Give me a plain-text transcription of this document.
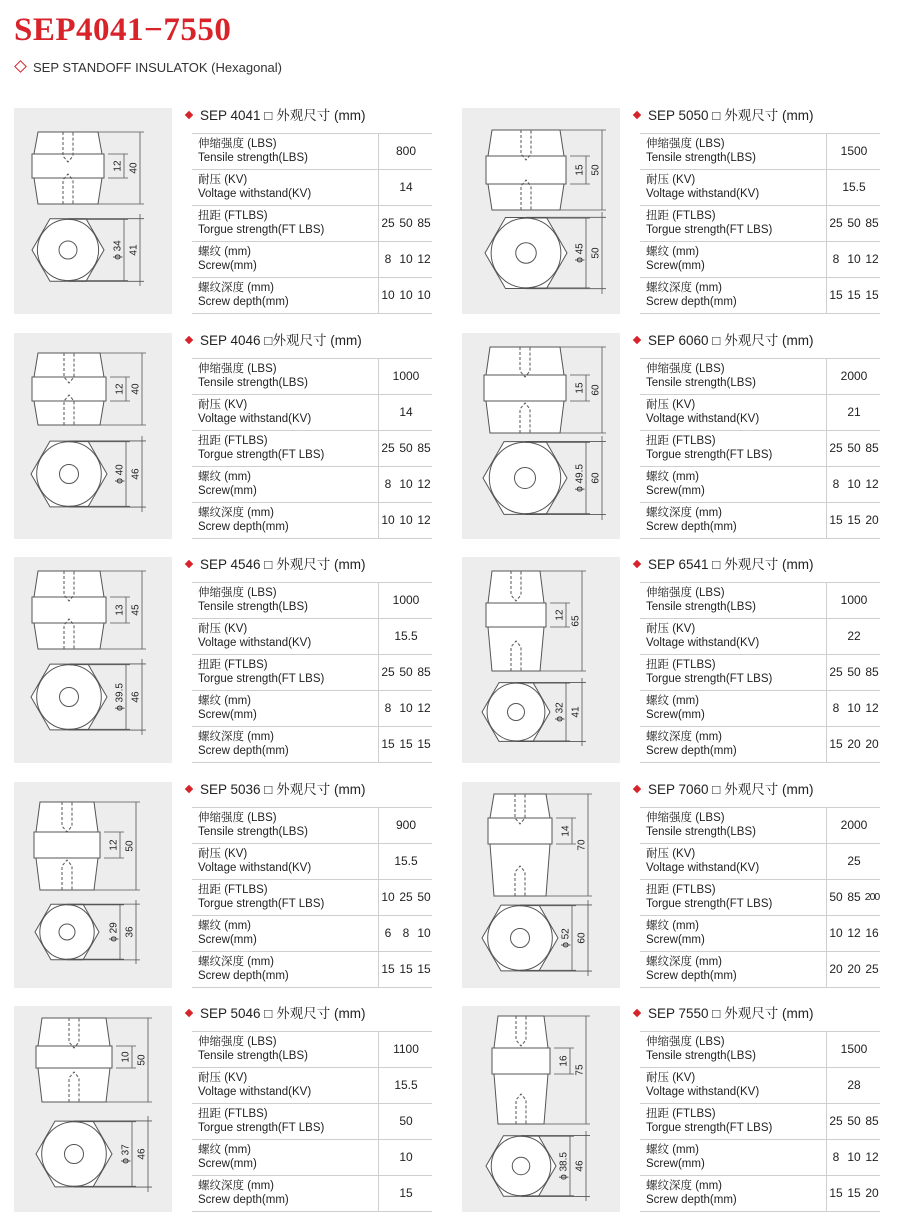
SEP4041−7550
SEP STANDOFF INSULATOK (Hexagonal)
12 40
ϕ 34 41
SEP 4041 □ 外观尺寸 (mm)
伸缩强度 (LBS)
Tensile strength(LBS)	800
耐压 (KV)
Voltage withstand(KV)	14
扭距 (FTLBS)
Torgue strength(FT LBS)	25 50 85
螺纹 (mm)
Screw(mm)	8 10 12
螺纹深度 (mm)
Screw depth(mm)	10 10 10
15 50
ϕ 45 50
SEP 5050 □ 外观尺寸 (mm)
伸缩强度 (LBS)
Tensile strength(LBS)	1500
耐压 (KV)
Voltage withstand(KV)	15.5
扭距 (FTLBS)
Torgue strength(FT LBS)	25 50 85
螺纹 (mm)
Screw(mm)	8 10 12
螺纹深度 (mm)
Screw depth(mm)	15 15 15
12 40
ϕ 40 46
SEP 4046 □外观尺寸 (mm)
伸缩强度 (LBS)
Tensile strength(LBS)	1000
耐压 (KV)
Voltage withstand(KV)	14
扭距 (FTLBS)
Torgue strength(FT LBS)	25 50 85
螺纹 (mm)
Screw(mm)	8 10 12
螺纹深度 (mm)
Screw depth(mm)	10 10 12
15 60
ϕ 49.5 60
SEP 6060 □ 外观尺寸 (mm)
伸缩强度 (LBS)
Tensile strength(LBS)	2000
耐压 (KV)
Voltage withstand(KV)	21
扭距 (FTLBS)
Torgue strength(FT LBS)	25 50 85
螺纹 (mm)
Screw(mm)	8 10 12
螺纹深度 (mm)
Screw depth(mm)	15 15 20
13 45
ϕ 39.5 46
SEP 4546 □ 外观尺寸 (mm)
伸缩强度 (LBS)
Tensile strength(LBS)	1000
耐压 (KV)
Voltage withstand(KV)	15.5
扭距 (FTLBS)
Torgue strength(FT LBS)	25 50 85
螺纹 (mm)
Screw(mm)	8 10 12
螺纹深度 (mm)
Screw depth(mm)	15 15 15
12
65
ϕ 32 41
SEP 6541 □ 外观尺寸 (mm)
伸缩强度 (LBS)
Tensile strength(LBS)	1000
耐压 (KV)
Voltage withstand(KV)	22
扭距 (FTLBS)
Torgue strength(FT LBS)	25 50 85
螺纹 (mm)
Screw(mm)	8 10 12
螺纹深度 (mm)
Screw depth(mm)	15 20 20
12 50
ϕ 29 36
SEP 5036 □ 外观尺寸 (mm)
伸缩强度 (LBS)
Tensile strength(LBS)	900
耐压 (KV)
Voltage withstand(KV)	15.5
扭距 (FTLBS)
Torgue strength(FT LBS)	10 25 50
螺纹 (mm)
Screw(mm)	6 8 10
螺纹深度 (mm)
Screw depth(mm)	15 15 15
14
70
ϕ 52 60
SEP 7060 □ 外观尺寸 (mm)
伸缩强度 (LBS)
Tensile strength(LBS)	2000
耐压 (KV)
Voltage withstand(KV)	25
扭距 (FTLBS)
Torgue strength(FT LBS)	50 85 200
螺纹 (mm)
Screw(mm)	10 12 16
螺纹深度 (mm)
Screw depth(mm)	20 20 25
10 50
ϕ 37 46
SEP 5046 □ 外观尺寸 (mm)
伸缩强度 (LBS)
Tensile strength(LBS)	1100
耐压 (KV)
Voltage withstand(KV)	15.5
扭距 (FTLBS)
Torgue strength(FT LBS)	50
螺纹 (mm)
Screw(mm)	10
螺纹深度 (mm)
Screw depth(mm)	15
16
75
ϕ 38.5 46
SEP 7550 □ 外观尺寸 (mm)
伸缩强度 (LBS)
Tensile strength(LBS)	1500
耐压 (KV)
Voltage withstand(KV)	28
扭距 (FTLBS)
Torgue strength(FT LBS)	25 50 85
螺纹 (mm)
Screw(mm)	8 10 12
螺纹深度 (mm)
Screw depth(mm)	15 15 20
